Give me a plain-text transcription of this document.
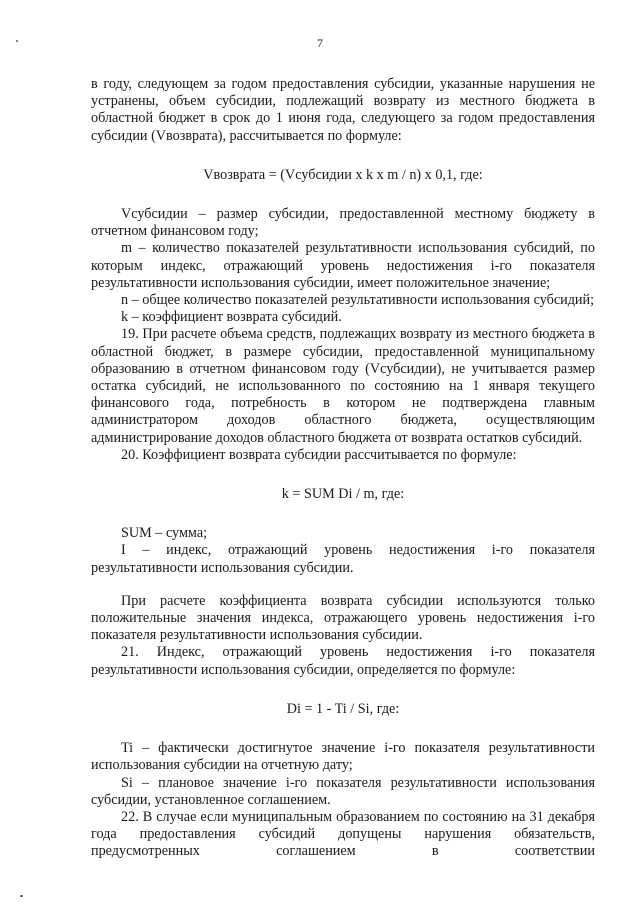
7

в году, следующем за годом предоставления субсидии, указанные нарушения не устранены, объем субсидии, подлежащий возврату из местного бюджета в областной бюджет в срок до 1 июня года, следующего за годом предоставления субсидии (Vвозврата), рассчитывается по формуле:

Vвозврата = (Vсубсидии x k x m / n) x 0,1, где:

Vсубсидии – размер субсидии, предоставленной местному бюджету в отчетном финансовом году;

m – количество показателей результативности использования субсидий, по которым индекс, отражающий уровень недостижения i-го показателя результативности использования субсидии, имеет положительное значение;

n – общее количество показателей результативности использования субсидий;

k – коэффициент возврата субсидий.

19. При расчете объема средств, подлежащих возврату из местного бюджета в областной бюджет, в размере субсидии, предоставленной муниципальному образованию в отчетном финансовом году (Vсубсидии), не учитывается размер остатка субсидий, не использованного по состоянию на 1 января текущего финансового года, потребность в котором не подтверждена главным администратором доходов областного бюджета, осуществляющим администрирование доходов областного бюджета от возврата остатков субсидий.

20. Коэффициент возврата субсидии рассчитывается по формуле:

k = SUM Di / m, где:

SUM – сумма;

I – индекс, отражающий уровень недостижения i-го показателя результативности использования субсидии.

При расчете коэффициента возврата субсидии используются только положительные значения индекса, отражающего уровень недостижения i-го показателя результативности использования субсидии.

21. Индекс, отражающий уровень недостижения i-го показателя результативности использования субсидии, определяется по формуле:

Di = 1 - Ti / Si, где:

Ti – фактически достигнутое значение i-го показателя результативности использования субсидии на отчетную дату;

Si – плановое значение i-го показателя результативности использования субсидии, установленное соглашением.

22. В случае если муниципальным образованием по состоянию на 31 декабря года предоставления субсидий допущены нарушения обязательств, предусмотренных соглашением в соответствии
